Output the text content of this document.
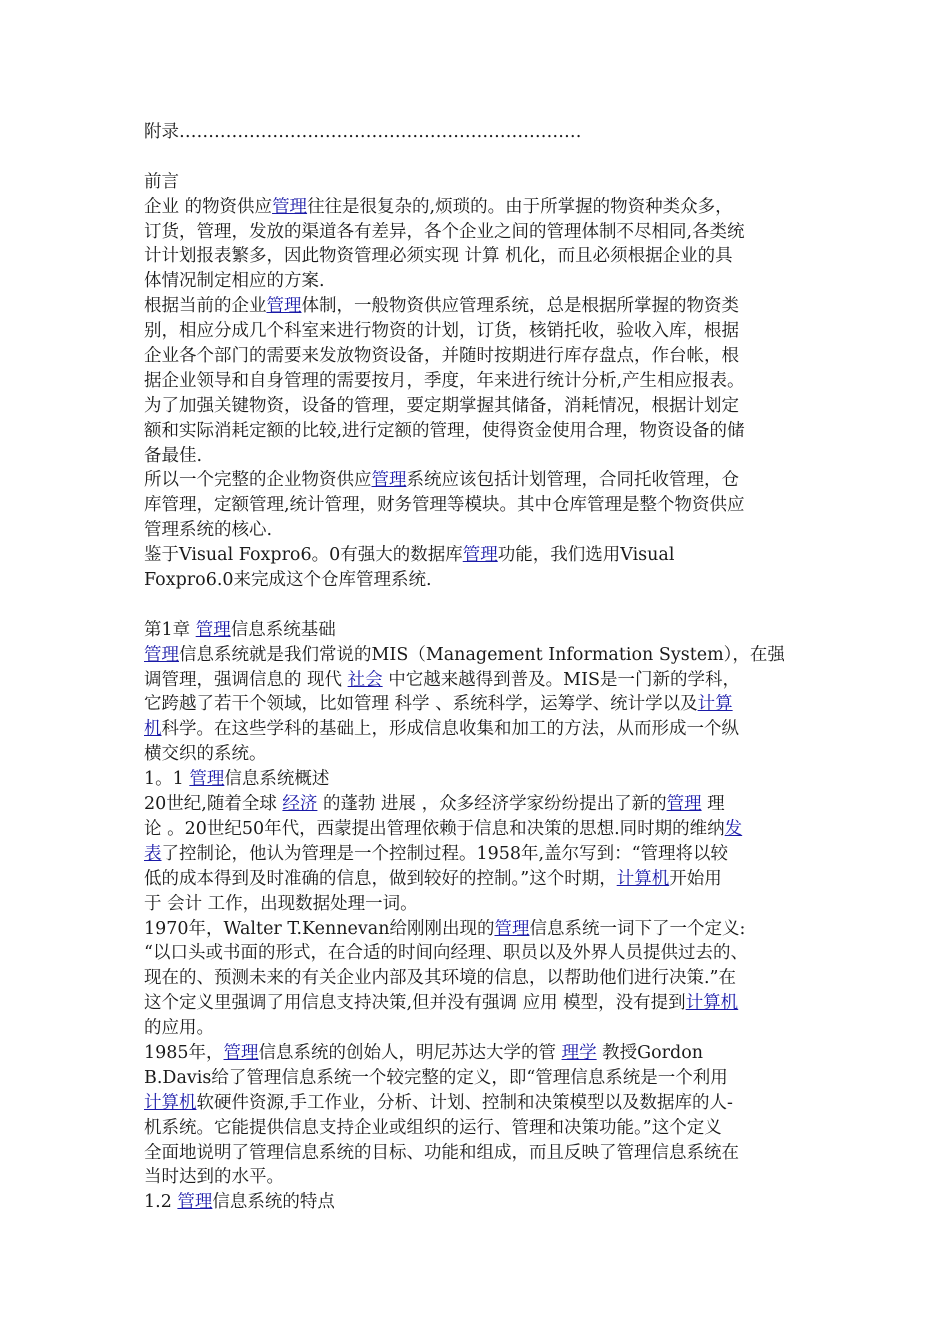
附录……………………………………………………………
前言
企业 的物资供应管理往往是很复杂的,烦琐的。由于所掌握的物资种类众多，
订货，管理，发放的渠道各有差异，各个企业之间的管理体制不尽相同,各类统
计计划报表繁多，因此物资管理必须实现 计算 机化，而且必须根据企业的具
体情况制定相应的方案.
根据当前的企业管理体制，一般物资供应管理系统，总是根据所掌握的物资类
别，相应分成几个科室来进行物资的计划，订货，核销托收，验收入库，根据
企业各个部门的需要来发放物资设备，并随时按期进行库存盘点，作台帐，根
据企业领导和自身管理的需要按月，季度，年来进行统计分析,产生相应报表。
为了加强关键物资，设备的管理，要定期掌握其储备，消耗情况，根据计划定
额和实际消耗定额的比较,进行定额的管理，使得资金使用合理，物资设备的储
备最佳.
所以一个完整的企业物资供应管理系统应该包括计划管理，合同托收管理，仓
库管理，定额管理,统计管理，财务管理等模块。其中仓库管理是整个物资供应
管理系统的核心.
鉴于Visual Foxpro6。0有强大的数据库管理功能，我们选用Visual
Foxpro6.0来完成这个仓库管理系统.
第1章 管理信息系统基础
管理信息系统就是我们常说的MIS（Management Information System），在强
调管理，强调信息的 现代 社会 中它越来越得到普及。MIS是一门新的学科，
它跨越了若干个领域，比如管理 科学 、系统科学，运筹学、统计学以及计算
机科学。在这些学科的基础上，形成信息收集和加工的方法，从而形成一个纵
横交织的系统。
1。1 管理信息系统概述
20世纪,随着全球 经济 的蓬勃 进展 ，众多经济学家纷纷提出了新的管理 理
论 。20世纪50年代，西蒙提出管理依赖于信息和决策的思想.同时期的维纳发
表了控制论，他认为管理是一个控制过程。1958年,盖尔写到：“管理将以较
低的成本得到及时准确的信息，做到较好的控制。”这个时期，计算机开始用
于 会计 工作，出现数据处理一词。
1970年，Walter T.Kennevan给刚刚出现的管理信息系统一词下了一个定义:
“以口头或书面的形式，在合适的时间向经理、职员以及外界人员提供过去的、
现在的、预测未来的有关企业内部及其环境的信息，以帮助他们进行决策.”在
这个定义里强调了用信息支持决策,但并没有强调 应用 模型，没有提到计算机
的应用。
1985年，管理信息系统的创始人，明尼苏达大学的管 理学 教授Gordon
B.Davis给了管理信息系统一个较完整的定义，即“管理信息系统是一个利用
计算机软硬件资源,手工作业，分析、计划、控制和决策模型以及数据库的人-
机系统。它能提供信息支持企业或组织的运行、管理和决策功能。”这个定义
全面地说明了管理信息系统的目标、功能和组成，而且反映了管理信息系统在
当时达到的水平。
1.2 管理信息系统的特点
